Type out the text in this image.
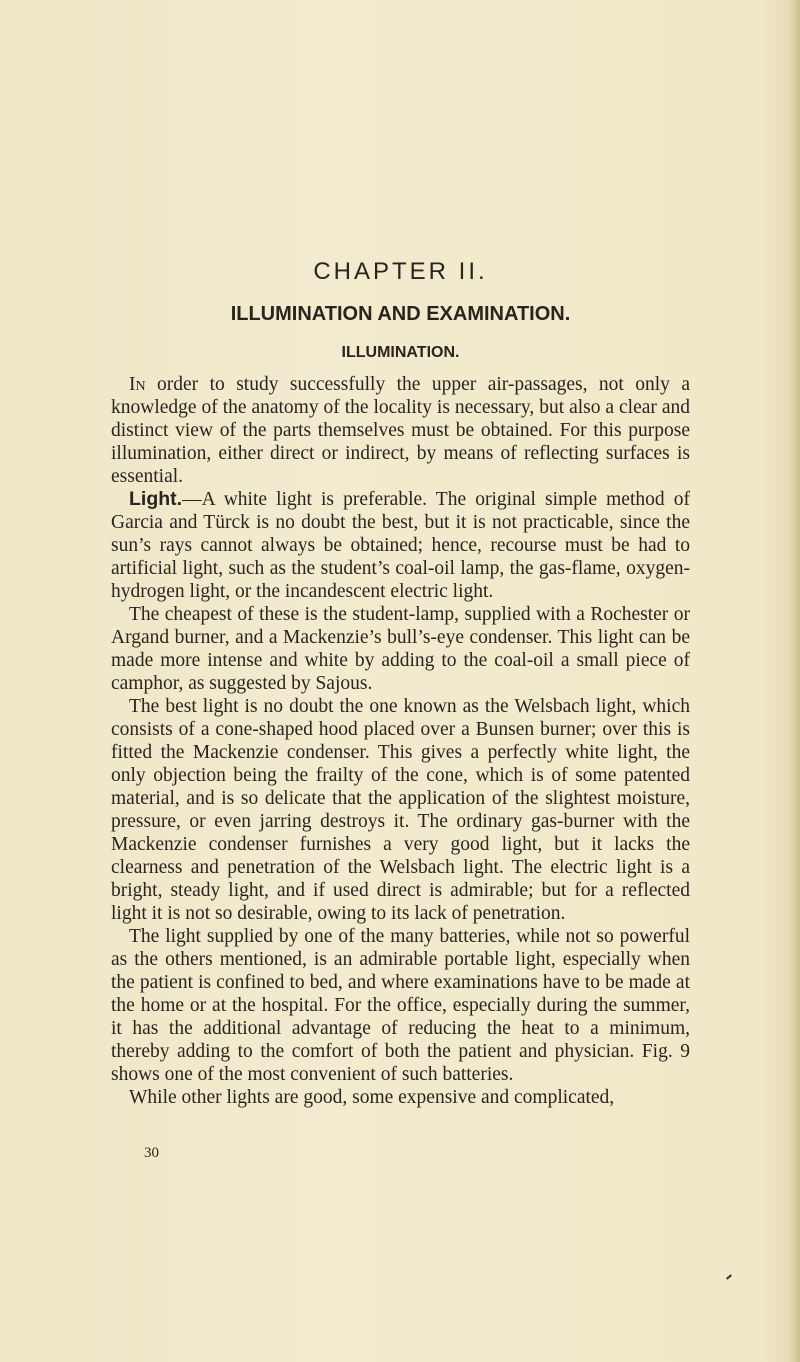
CHAPTER II.
ILLUMINATION AND EXAMINATION.
ILLUMINATION.

In order to study successfully the upper air-passages, not only a knowledge of the anatomy of the locality is necessary, but also a clear and distinct view of the parts themselves must be obtained. For this purpose illumination, either direct or indirect, by means of reflecting surfaces is essential.

Light.—A white light is preferable. The original simple method of Garcia and Türck is no doubt the best, but it is not practicable, since the sun’s rays cannot always be obtained; hence, recourse must be had to artificial light, such as the student’s coal-oil lamp, the gas-flame, oxygen-hydrogen light, or the incandescent electric light.

The cheapest of these is the student-lamp, supplied with a Rochester or Argand burner, and a Mackenzie’s bull’s-eye condenser. This light can be made more intense and white by adding to the coal-oil a small piece of camphor, as suggested by Sajous.

The best light is no doubt the one known as the Welsbach light, which consists of a cone-shaped hood placed over a Bunsen burner; over this is fitted the Mackenzie condenser. This gives a perfectly white light, the only objection being the frailty of the cone, which is of some patented material, and is so delicate that the application of the slightest moisture, pressure, or even jarring destroys it. The ordinary gas-burner with the Mackenzie condenser furnishes a very good light, but it lacks the clearness and penetration of the Welsbach light. The electric light is a bright, steady light, and if used direct is admirable; but for a reflected light it is not so desirable, owing to its lack of penetration.

The light supplied by one of the many batteries, while not so powerful as the others mentioned, is an admirable portable light, especially when the patient is confined to bed, and where examinations have to be made at the home or at the hospital. For the office, especially during the summer, it has the additional advantage of reducing the heat to a minimum, thereby adding to the comfort of both the patient and physician. Fig. 9 shows one of the most convenient of such batteries.

While other lights are good, some expensive and complicated,

30
